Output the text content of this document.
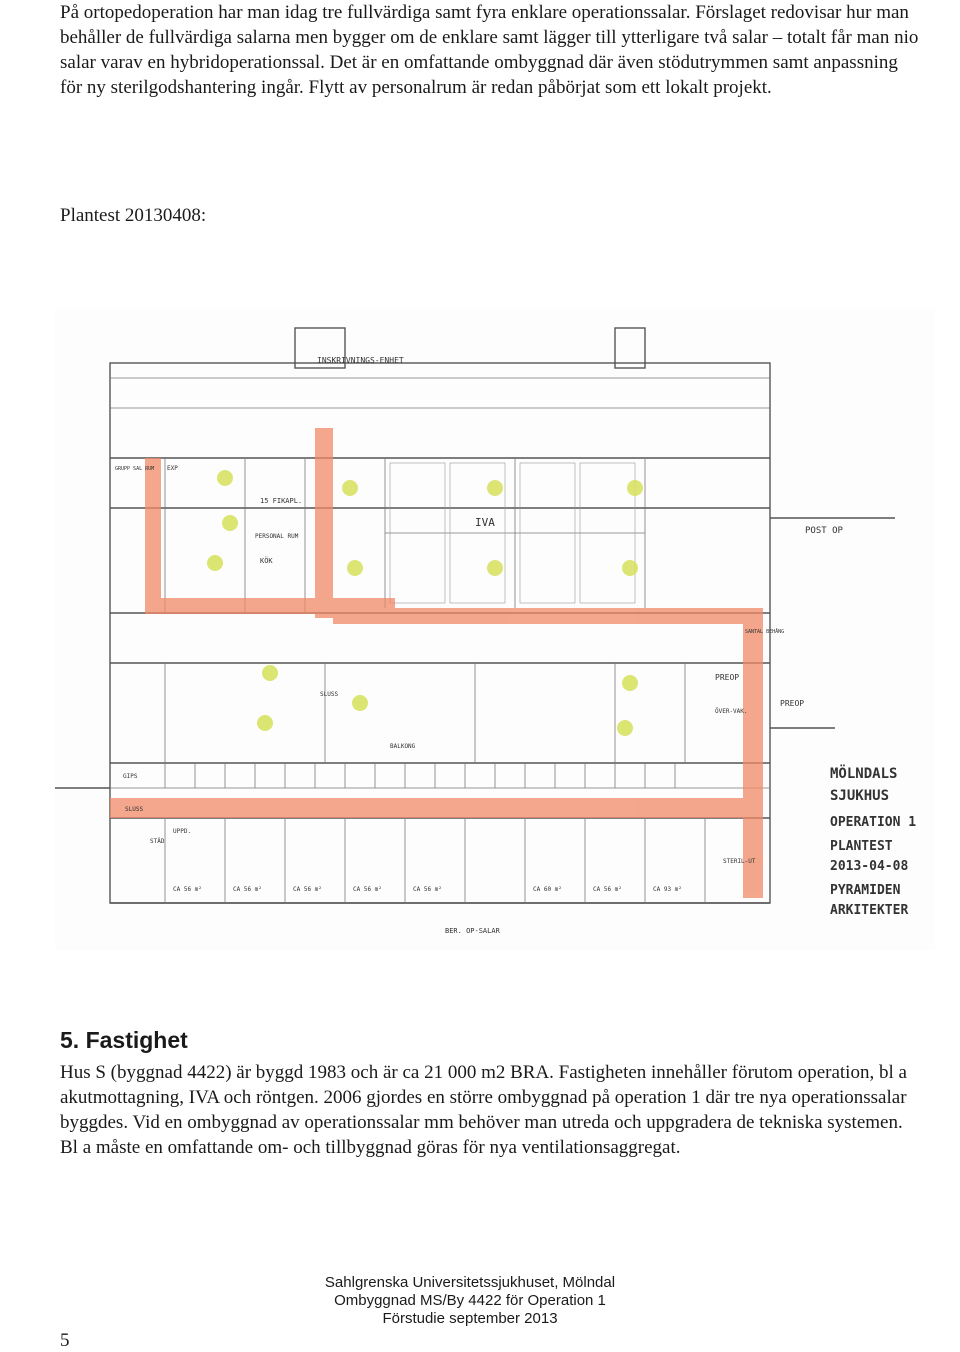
På ortopedoperation har man idag tre fullvärdiga samt fyra enklare operationssalar. Förslaget redovisar hur man behåller de fullvärdiga salarna men bygger om de enklare samt lägger till ytterligare två salar – totalt får man nio salar varav en hybridoperationssal. Det är en omfattande ombyggnad där även stödutrymmen samt anpassning för ny sterilgodshantering ingår. Flytt av personalrum är redan påbörjat som ett lokalt projekt.

Plantest 20130408:

INSKRIVNINGS-ENHET
IVA
POST OP
PREOP
PREOP
15 FIKAPL.
PERSONAL RUM
KÖK
BALKONG
SLUSS
SLUSS
GIPS
STÄD
BER. OP-SALAR
CA 56 m²	CA 56 m²	CA 56 m²	CA 56 m²	CA 56 m²	CA 60 m²	CA 56 m²	CA 93 m²
UPPD.
EXP
GRUPP SAL RUM
ÖVER-VAK.
STERIL-UT
SANTAL BEHÅNG
MÖLNDALS
SJUKHUS
OPERATION 1
PLANTEST
2013-04-08
PYRAMIDEN
ARKITEKTER
5. Fastighet

Hus S (byggnad 4422) är byggd 1983 och är ca 21 000 m2 BRA. Fastigheten innehåller förutom operation, bl a akutmottagning, IVA och röntgen. 2006 gjordes en större ombyggnad på operation 1 där tre nya operationssalar byggdes. Vid en ombyggnad av operationssalar mm behöver man utreda och uppgradera de tekniska systemen. Bl a måste en omfattande om- och tillbyggnad göras för nya ventilationsaggregat.

Sahlgrenska Universitetssjukhuset, Mölndal
Ombyggnad MS/By 4422 för Operation 1
Förstudie september 2013
5
